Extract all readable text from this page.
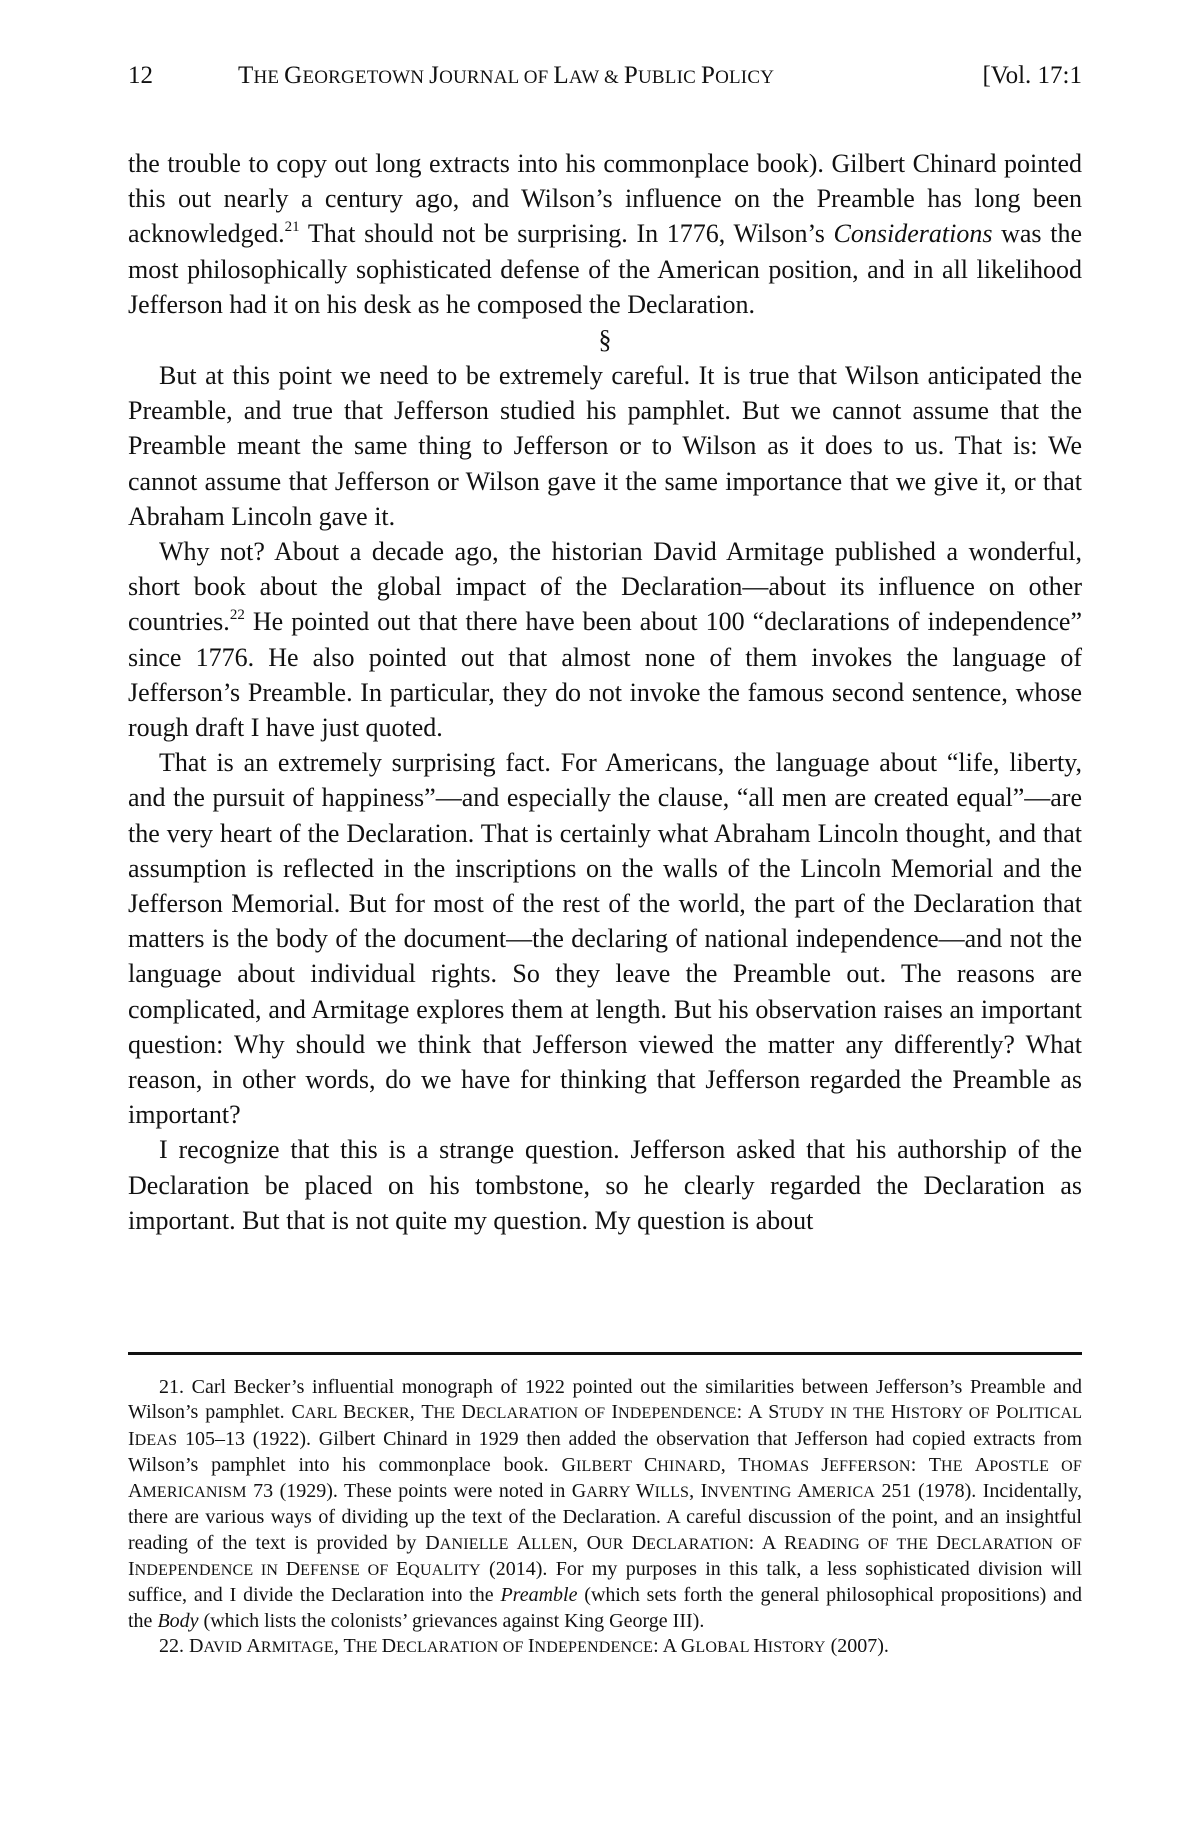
12	THE GEORGETOWN JOURNAL OF LAW & PUBLIC POLICY	[Vol. 17:1

the trouble to copy out long extracts into his commonplace book). Gilbert Chinard pointed this out nearly a century ago, and Wilson’s influence on the Preamble has long been acknowledged.$^{21}$ That should not be surprising. In 1776, Wilson’s Considerations was the most philosophically sophisticated defense of the American position, and in all likelihood Jefferson had it on his desk as he composed the Declaration.

§

But at this point we need to be extremely careful. It is true that Wilson anticipated the Preamble, and true that Jefferson studied his pamphlet. But we cannot assume that the Preamble meant the same thing to Jefferson or to Wilson as it does to us. That is: We cannot assume that Jefferson or Wilson gave it the same importance that we give it, or that Abraham Lincoln gave it.

Why not? About a decade ago, the historian David Armitage published a wonderful, short book about the global impact of the Declaration—about its influence on other countries.$^{22}$ He pointed out that there have been about 100 “declarations of independence” since 1776. He also pointed out that almost none of them invokes the language of Jefferson’s Preamble. In particular, they do not invoke the famous second sentence, whose rough draft I have just quoted.

That is an extremely surprising fact. For Americans, the language about “life, liberty, and the pursuit of happiness”—and especially the clause, “all men are created equal”—are the very heart of the Declaration. That is certainly what Abraham Lincoln thought, and that assumption is reflected in the inscriptions on the walls of the Lincoln Memorial and the Jefferson Memorial. But for most of the rest of the world, the part of the Declaration that matters is the body of the document—the declaring of national independence—and not the language about individual rights. So they leave the Preamble out. The reasons are complicated, and Armitage explores them at length. But his observation raises an important question: Why should we think that Jefferson viewed the matter any differently? What reason, in other words, do we have for thinking that Jefferson regarded the Preamble as important?

I recognize that this is a strange question. Jefferson asked that his authorship of the Declaration be placed on his tombstone, so he clearly regarded the Declaration as important. But that is not quite my question. My question is about

21. Carl Becker’s influential monograph of 1922 pointed out the similarities between Jefferson’s Preamble and Wilson’s pamphlet. CARL BECKER, THE DECLARATION OF INDEPENDENCE: A STUDY IN THE HISTORY OF POLITICAL IDEAS 105–13 (1922). Gilbert Chinard in 1929 then added the observation that Jefferson had copied extracts from Wilson’s pamphlet into his commonplace book. GILBERT CHINARD, THOMAS JEFFERSON: THE APOSTLE OF AMERICANISM 73 (1929). These points were noted in GARRY WILLS, INVENTING AMERICA 251 (1978). Incidentally, there are various ways of dividing up the text of the Declaration. A careful discussion of the point, and an insightful reading of the text is provided by DANIELLE ALLEN, OUR DECLARATION: A READING OF THE DECLARATION OF INDEPENDENCE IN DEFENSE OF EQUALITY (2014). For my purposes in this talk, a less sophisticated division will suffice, and I divide the Declaration into the Preamble (which sets forth the general philosophical propositions) and the Body (which lists the colonists’ grievances against King George III).

22. DAVID ARMITAGE, THE DECLARATION OF INDEPENDENCE: A GLOBAL HISTORY (2007).
